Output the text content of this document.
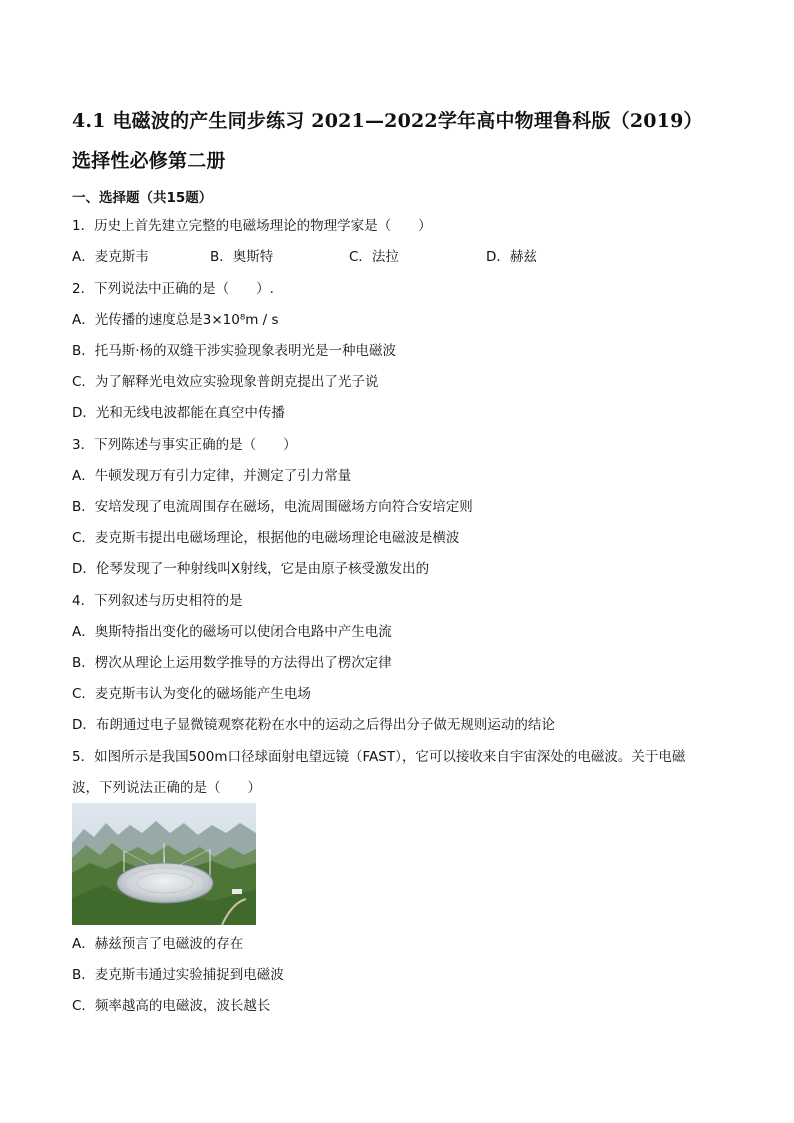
4.1 电磁波的产生同步练习 2021—2022学年高中物理鲁科版（2019）
选择性必修第二册
一、选择题（共15题）
1．历史上首先建立完整的电磁场理论的物理学家是（　　）
A．麦克斯韦	B．奥斯特	C．法拉	D．赫兹
2．下列说法中正确的是（　　）.
A．光传播的速度总是3×10⁸m / s
B．托马斯·杨的双缝干涉实验现象表明光是一种电磁波
C．为了解释光电效应实验现象普朗克提出了光子说
D．光和无线电波都能在真空中传播
3．下列陈述与事实正确的是（　　）
A．牛顿发现万有引力定律，并测定了引力常量
B．安培发现了电流周围存在磁场，电流周围磁场方向符合安培定则
C．麦克斯韦提出电磁场理论，根据他的电磁场理论电磁波是横波
D．伦琴发现了一种射线叫X射线，它是由原子核受激发出的
4．下列叙述与历史相符的是
A．奥斯特指出变化的磁场可以使闭合电路中产生电流
B．楞次从理论上运用数学推导的方法得出了楞次定律
C．麦克斯韦认为变化的磁场能产生电场
D．布朗通过电子显微镜观察花粉在水中的运动之后得出分子做无规则运动的结论
5．如图所示是我国500m口径球面射电望远镜（FAST），它可以接收来自宇宙深处的电磁波。关于电磁
波，下列说法正确的是（　　）
A．赫兹预言了电磁波的存在
B．麦克斯韦通过实验捕捉到电磁波
C．频率越高的电磁波，波长越长
